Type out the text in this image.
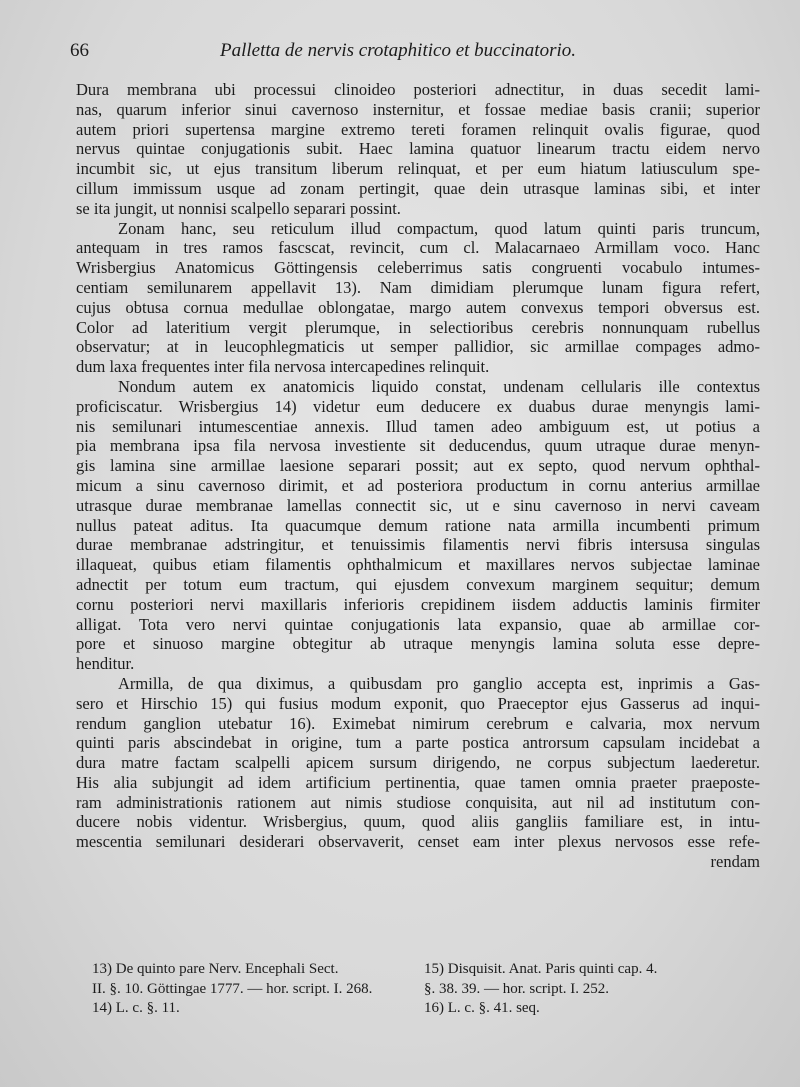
66	Palletta de nervis crotaphitico et buccinatorio.
Dura membrana ubi processui clinoideo posteriori adnectitur, in duas secedit lami-
nas, quarum inferior sinui cavernoso insternitur, et fossae mediae basis cranii; superior
autem priori supertensa margine extremo tereti foramen relinquit ovalis figurae, quod
nervus quintae conjugationis subit. Haec lamina quatuor linearum tractu eidem nervo
incumbit sic, ut ejus transitum liberum relinquat, et per eum hiatum latiusculum spe-
cillum immissum usque ad zonam pertingit, quae dein utrasque laminas sibi, et inter
se ita jungit, ut nonnisi scalpello separari possint.
Zonam hanc, seu reticulum illud compactum, quod latum quinti paris truncum,
antequam in tres ramos fascscat, revincit, cum cl. Malacarnaeo Armillam voco. Hanc
Wrisbergius Anatomicus Göttingensis celeberrimus satis congruenti vocabulo intumes-
centiam semilunarem appellavit 13). Nam dimidiam plerumque lunam figura refert,
cujus obtusa cornua medullae oblongatae, margo autem convexus tempori obversus est.
Color ad lateritium vergit plerumque, in selectioribus cerebris nonnunquam rubellus
observatur; at in leucophlegmaticis ut semper pallidior, sic armillae compages admo-
dum laxa frequentes inter fila nervosa intercapedines relinquit.
Nondum autem ex anatomicis liquido constat, undenam cellularis ille contextus
proficiscatur. Wrisbergius 14) videtur eum deducere ex duabus durae menyngis lami-
nis semilunari intumescentiae annexis. Illud tamen adeo ambiguum est, ut potius a
pia membrana ipsa fila nervosa investiente sit deducendus, quum utraque durae menyn-
gis lamina sine armillae laesione separari possit; aut ex septo, quod nervum ophthal-
micum a sinu cavernoso dirimit, et ad posteriora productum in cornu anterius armillae
utrasque durae membranae lamellas connectit sic, ut e sinu cavernoso in nervi caveam
nullus pateat aditus. Ita quacumque demum ratione nata armilla incumbenti primum
durae membranae adstringitur, et tenuissimis filamentis nervi fibris intersusa singulas
illaqueat, quibus etiam filamentis ophthalmicum et maxillares nervos subjectae laminae
adnectit per totum eum tractum, qui ejusdem convexum marginem sequitur; demum
cornu posteriori nervi maxillaris inferioris crepidinem iisdem adductis laminis firmiter
alligat. Tota vero nervi quintae conjugationis lata expansio, quae ab armillae cor-
pore et sinuoso margine obtegitur ab utraque menyngis lamina soluta esse depre-
henditur.
Armilla, de qua diximus, a quibusdam pro ganglio accepta est, inprimis a Gas-
sero et Hirschio 15) qui fusius modum exponit, quo Praeceptor ejus Gasserus ad inqui-
rendum ganglion utebatur 16). Eximebat nimirum cerebrum e calvaria, mox nervum
quinti paris abscindebat in origine, tum a parte postica antrorsum capsulam incidebat a
dura matre factam scalpelli apicem sursum dirigendo, ne corpus subjectum laederetur.
His alia subjungit ad idem artificium pertinentia, quae tamen omnia praeter praeposte-
ram administrationis rationem aut nimis studiose conquisita, aut nil ad institutum con-
ducere nobis videntur. Wrisbergius, quum, quod aliis gangliis familiare est, in intu-
mescentia semilunari desiderari observaverit, censet eam inter plexus nervosos esse refe-
rendam
13) De quinto pare Nerv. Encephali Sect.	15) Disquisit. Anat. Paris quinti cap. 4.
II. §. 10. Göttingae 1777. — hor. script. I. 268.	§. 38. 39. — hor. script. I. 252.
14) L. c. §. 11.	16) L. c. §. 41. seq.
